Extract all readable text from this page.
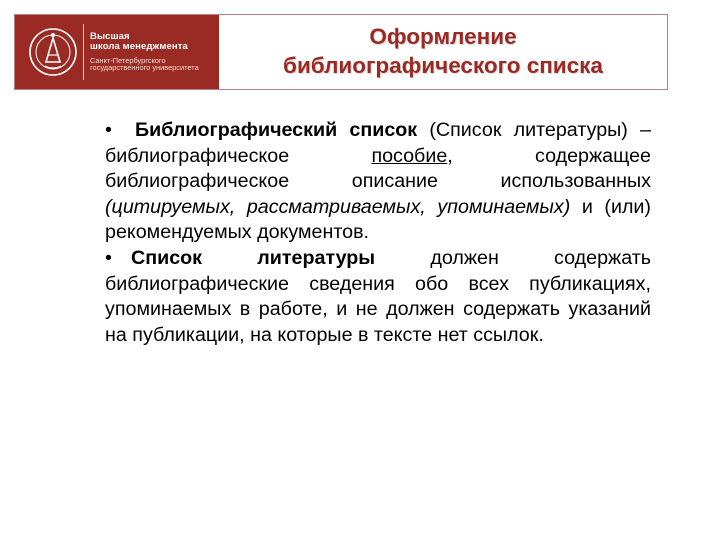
Высшая
школа менеджмента
Санкт-Петербургского
государственного университета
Оформление
библиографического списка

• Библиографический список (Список литературы) – библиографическое пособие, содержащее библиографическое описание использованных (цитируемых, рассматриваемых, упоминаемых) и (или) рекомендуемых документов.

• Список литературы должен содержать библиографические сведения обо всех публикациях, упоминаемых в работе, и не должен содержать указаний на публикации, на которые в тексте нет ссылок.
